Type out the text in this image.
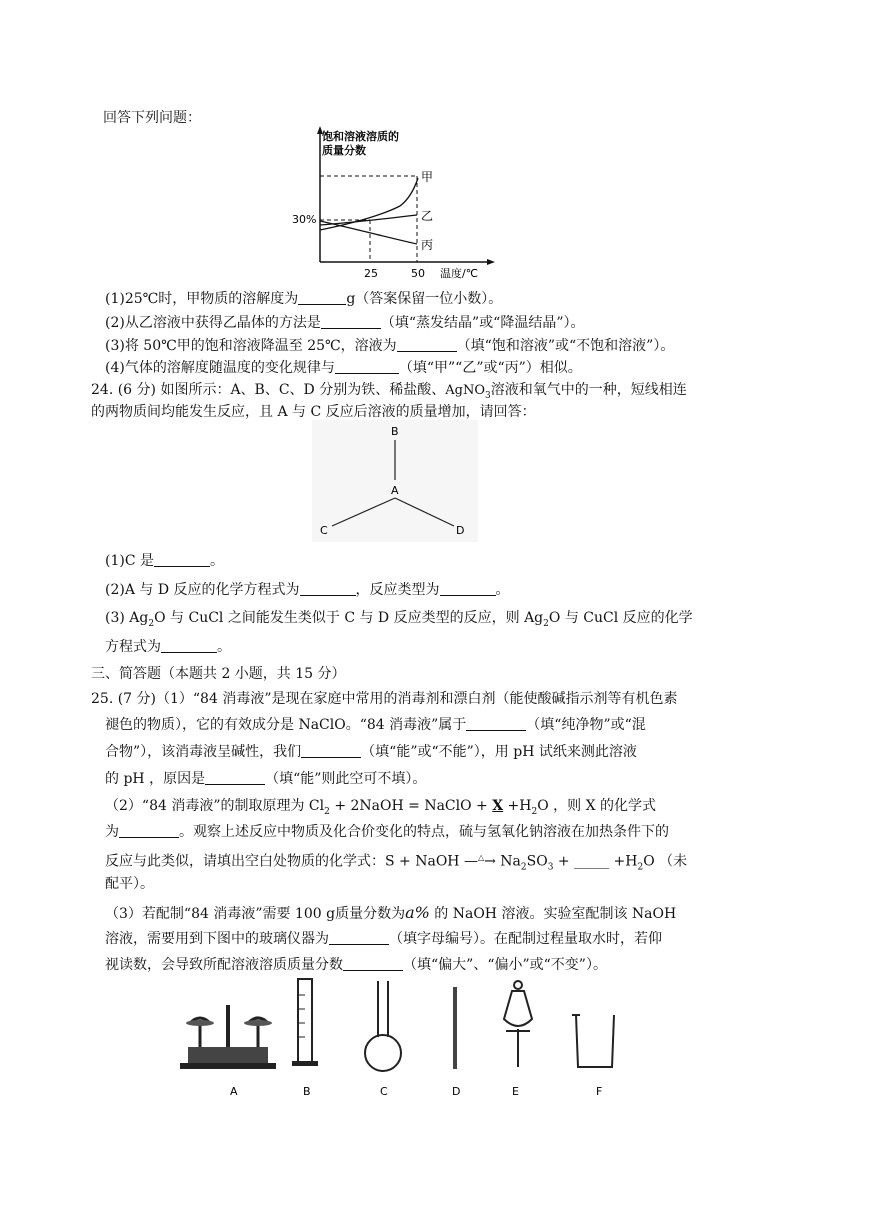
回答下列问题：
饱和溶液溶质的
质量分数
30%
25	50 温度/℃
甲
乙
丙
(1)25℃时，甲物质的溶解度为	g（答案保留一位小数）。
(2)从乙溶液中获得乙晶体的方法是	（填“蒸发结晶”或“降温结晶”）。
(3)将 50℃甲的饱和溶液降温至 25℃，溶液为	（填“饱和溶液”或“不饱和溶液”）。
(4)气体的溶解度随温度的变化规律与	（填“甲”“乙”或“丙”）相似。
24. (6 分) 如图所示：A、B、C、D 分别为铁、稀盐酸、AgNO$_3$溶液和氧气中的一种，短线相连
的两物质间均能发生反应，且 A 与 C 反应后溶液的质量增加，请回答：
B
A
C	D
(1)C 是	。
(2)A 与 D 反应的化学方程式为	，反应类型为	。
(3) $Ag_2O$ 与 CuCl 之间能发生类似于 C 与 D 反应类型的反应，则 $Ag_2O$ 与 CuCl 反应的化学
方程式为	。
三、简答题（本题共 2 小题，共 15 分）
25. (7 分)（1）“84 消毒液”是现在家庭中常用的消毒剂和漂白剂（能使酸碱指示剂等有机色素
褪色的物质），它的有效成分是 NaClO。“84 消毒液”属于	（填“纯净物”或“混
合物”），该消毒液呈碱性，我们	（填“能”或“不能”），用 pH 试纸来测此溶液
的 pH ，原因是	（填“能”则此空可不填）。
（2）“84 消毒液”的制取原理为 $Cl_2$ + 2NaOH = NaClO + $X +H_2O$ ，则 X 的化学式
为	。观察上述反应中物质及化合价变化的特点，硫与氢氧化钠溶液在加热条件下的
反应与此类似，请填出空白处物质的化学式：S + NaOH —△→ $Na_2SO_3$ + _____ $+H_2O$ （未
配平）。
（3）若配制“84 消毒液”需要 100 g质量分数为a% 的 NaOH 溶液。实验室配制该 NaOH
溶液，需要用到下图中的玻璃仪器为	（填字母编号）。在配制过程量取水时，若仰
视读数，会导致所配溶液溶质质量分数	（填“偏大”、“偏小”或“不变”）。
A	B	C	D	E	F
